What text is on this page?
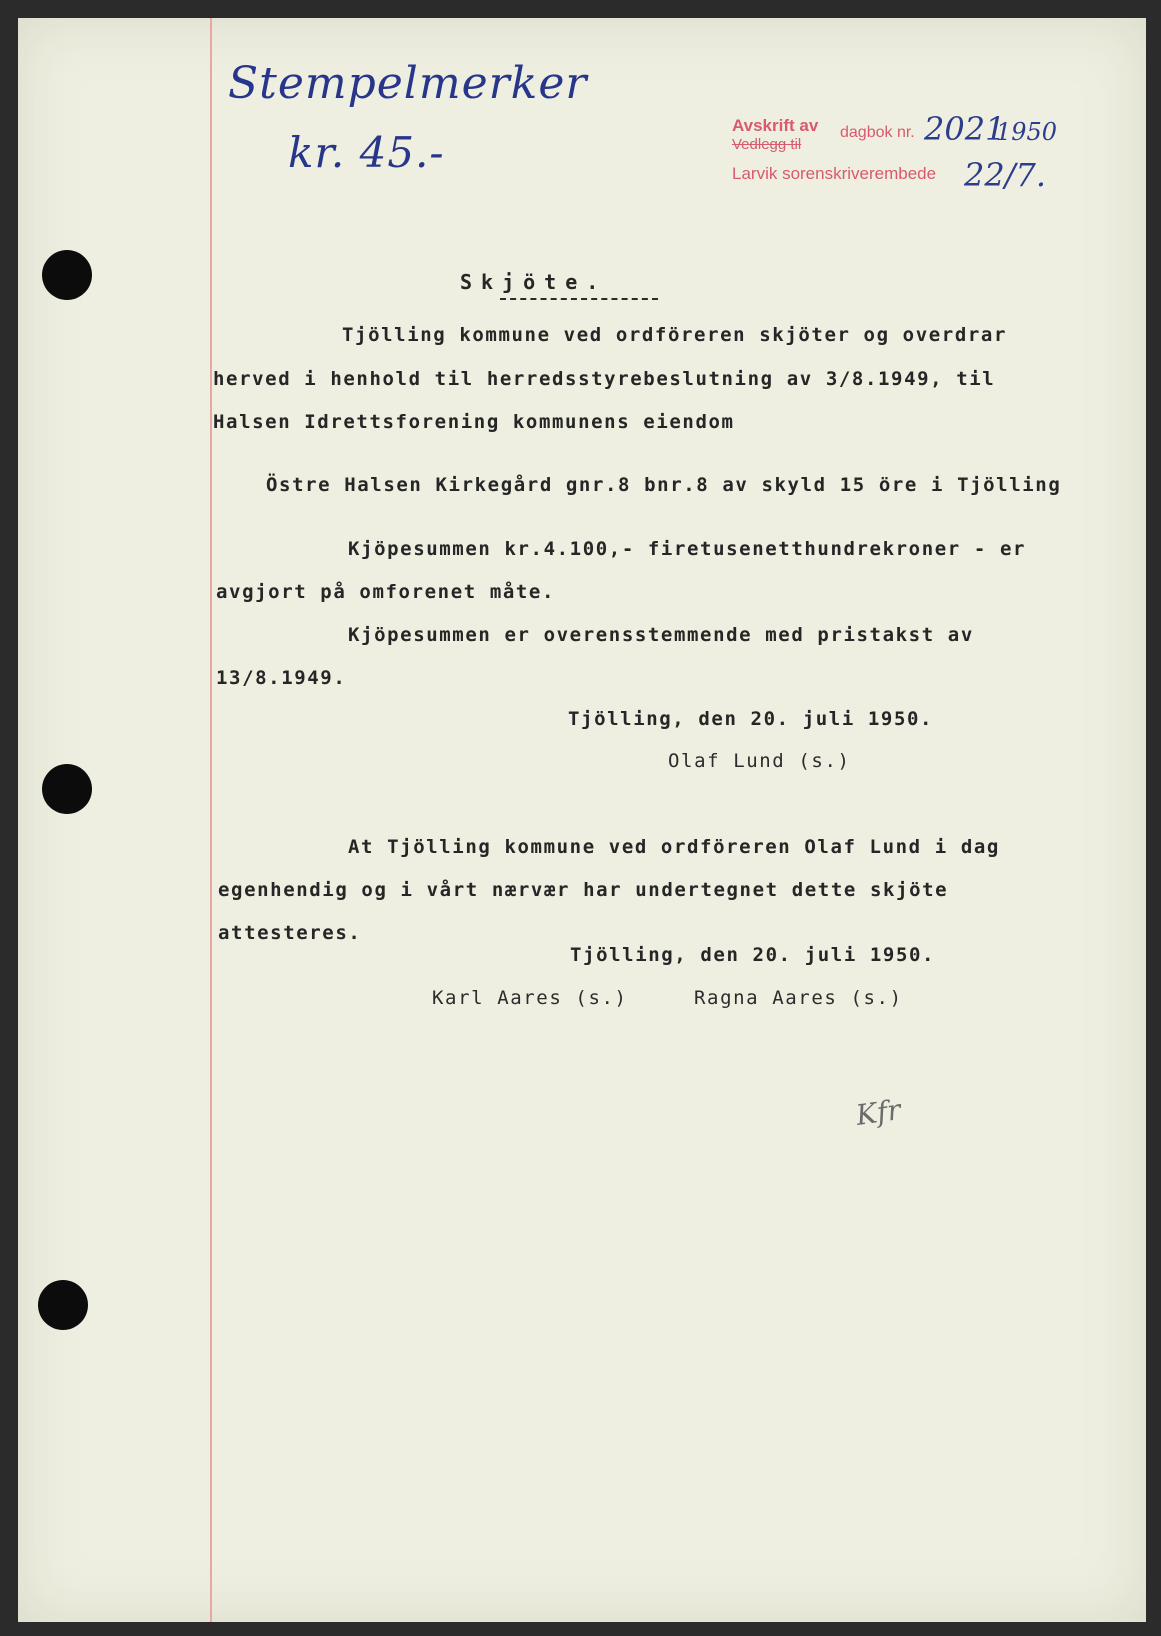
Stempelmerker
kr. 45.-
Avskrift av
Vedlegg til
dagbok nr. 2021
1950
Larvik sorenskriverembede 22/7.
Skjöte.
Tjölling kommune ved ordföreren skjöter og overdrar
herved i henhold til herredsstyrebeslutning av 3/8.1949, til
Halsen Idrettsforening kommunens eiendom
Östre Halsen Kirkegård gnr.8 bnr.8 av skyld 15 öre i Tjölling
Kjöpesummen kr.4.100,- firetusenetthundrekroner - er
avgjort på omforenet måte.
Kjöpesummen er overensstemmende med pristakst av
13/8.1949.
Tjölling, den 20. juli 1950.
Olaf Lund (s.)
At Tjölling kommune ved ordföreren Olaf Lund i dag
egenhendig og i vårt nærvær har undertegnet dette skjöte
attesteres.
Tjölling, den 20. juli 1950.
Karl Aares (s.)	Ragna Aares (s.)
Kfr
